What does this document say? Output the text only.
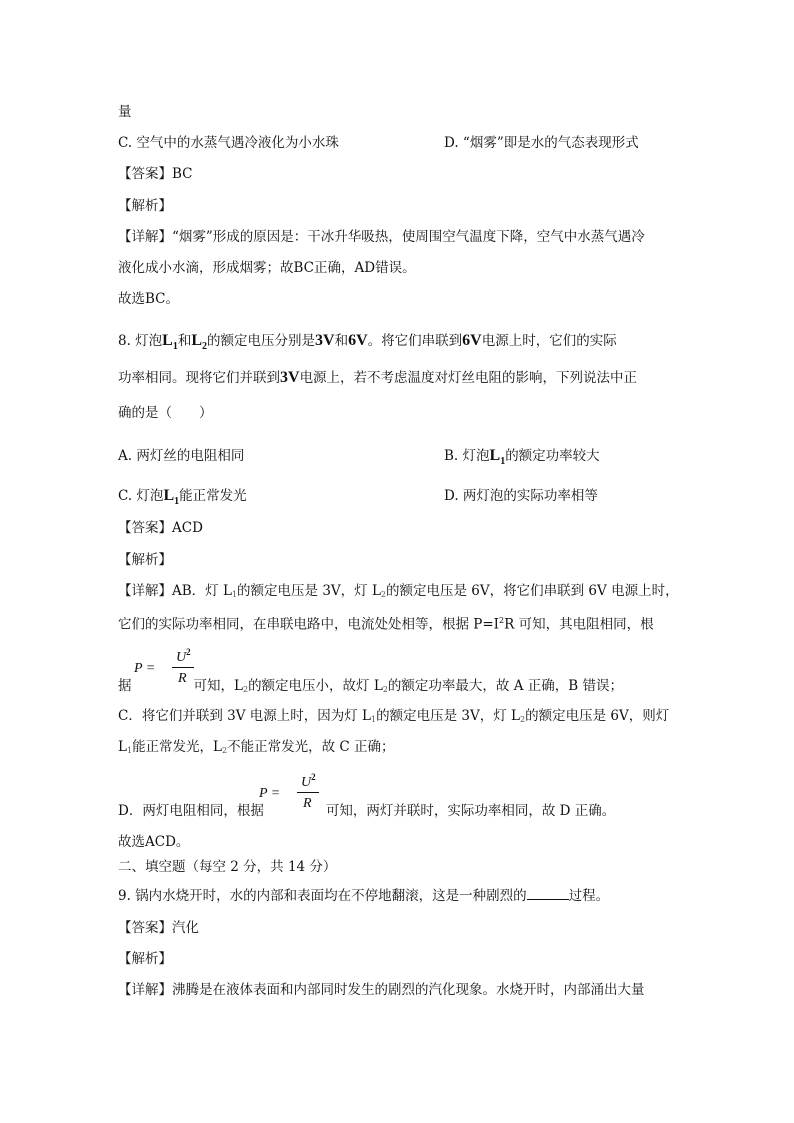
量
C. 空气中的水蒸气遇冷液化为小水珠	D. “烟雾”即是水的气态表现形式
【答案】BC
【解析】
【详解】“烟雾”形成的原因是：干冰升华吸热，使周围空气温度下降，空气中水蒸气遇冷
液化成小水滴，形成烟雾；故BC正确，AD错误。
故选BC。
8. 灯泡$L_1$和$L_2$的额定电压分别是3V和6V。将它们串联到6V电源上时，它们的实际
功率相同。现将它们并联到3V电源上，若不考虑温度对灯丝电阻的影响，下列说法中正
确的是（　　）
A. 两灯丝的电阻相同	B. 灯泡$L_1$的额定功率较大
C. 灯泡$L_1$能正常发光	D. 两灯泡的实际功率相等
【答案】ACD
【解析】
【详解】AB．灯 $L_1$的额定电压是 3V，灯 $L_2$的额定电压是 6V，将它们串联到 6V 电源上时，
它们的实际功率相同，在串联电路中，电流处处相等，根据 $P=I^2R$ 可知，其电阻相同，根
P =
$U^2$
R
据	可知，$L_2$的额定电压小，故灯 $L_2$的额定功率最大，故 A 正确，B 错误；
C．将它们并联到 3V 电源上时，因为灯 $L_1$的额定电压是 3V，灯 $L_2$的额定电压是 6V，则灯
$L_1$能正常发光，$L_2$不能正常发光，故 C 正确；
P =
$U^2$
R
D．两灯电阻相同，根据	可知，两灯并联时，实际功率相同，故 D 正确。
故选ACD。
二、填空题（每空 2 分，共 14 分）
9. 锅内水烧开时，水的内部和表面均在不停地翻滚，这是一种剧烈的	过程。
【答案】汽化
【解析】
【详解】沸腾是在液体表面和内部同时发生的剧烈的汽化现象。水烧开时，内部涌出大量
